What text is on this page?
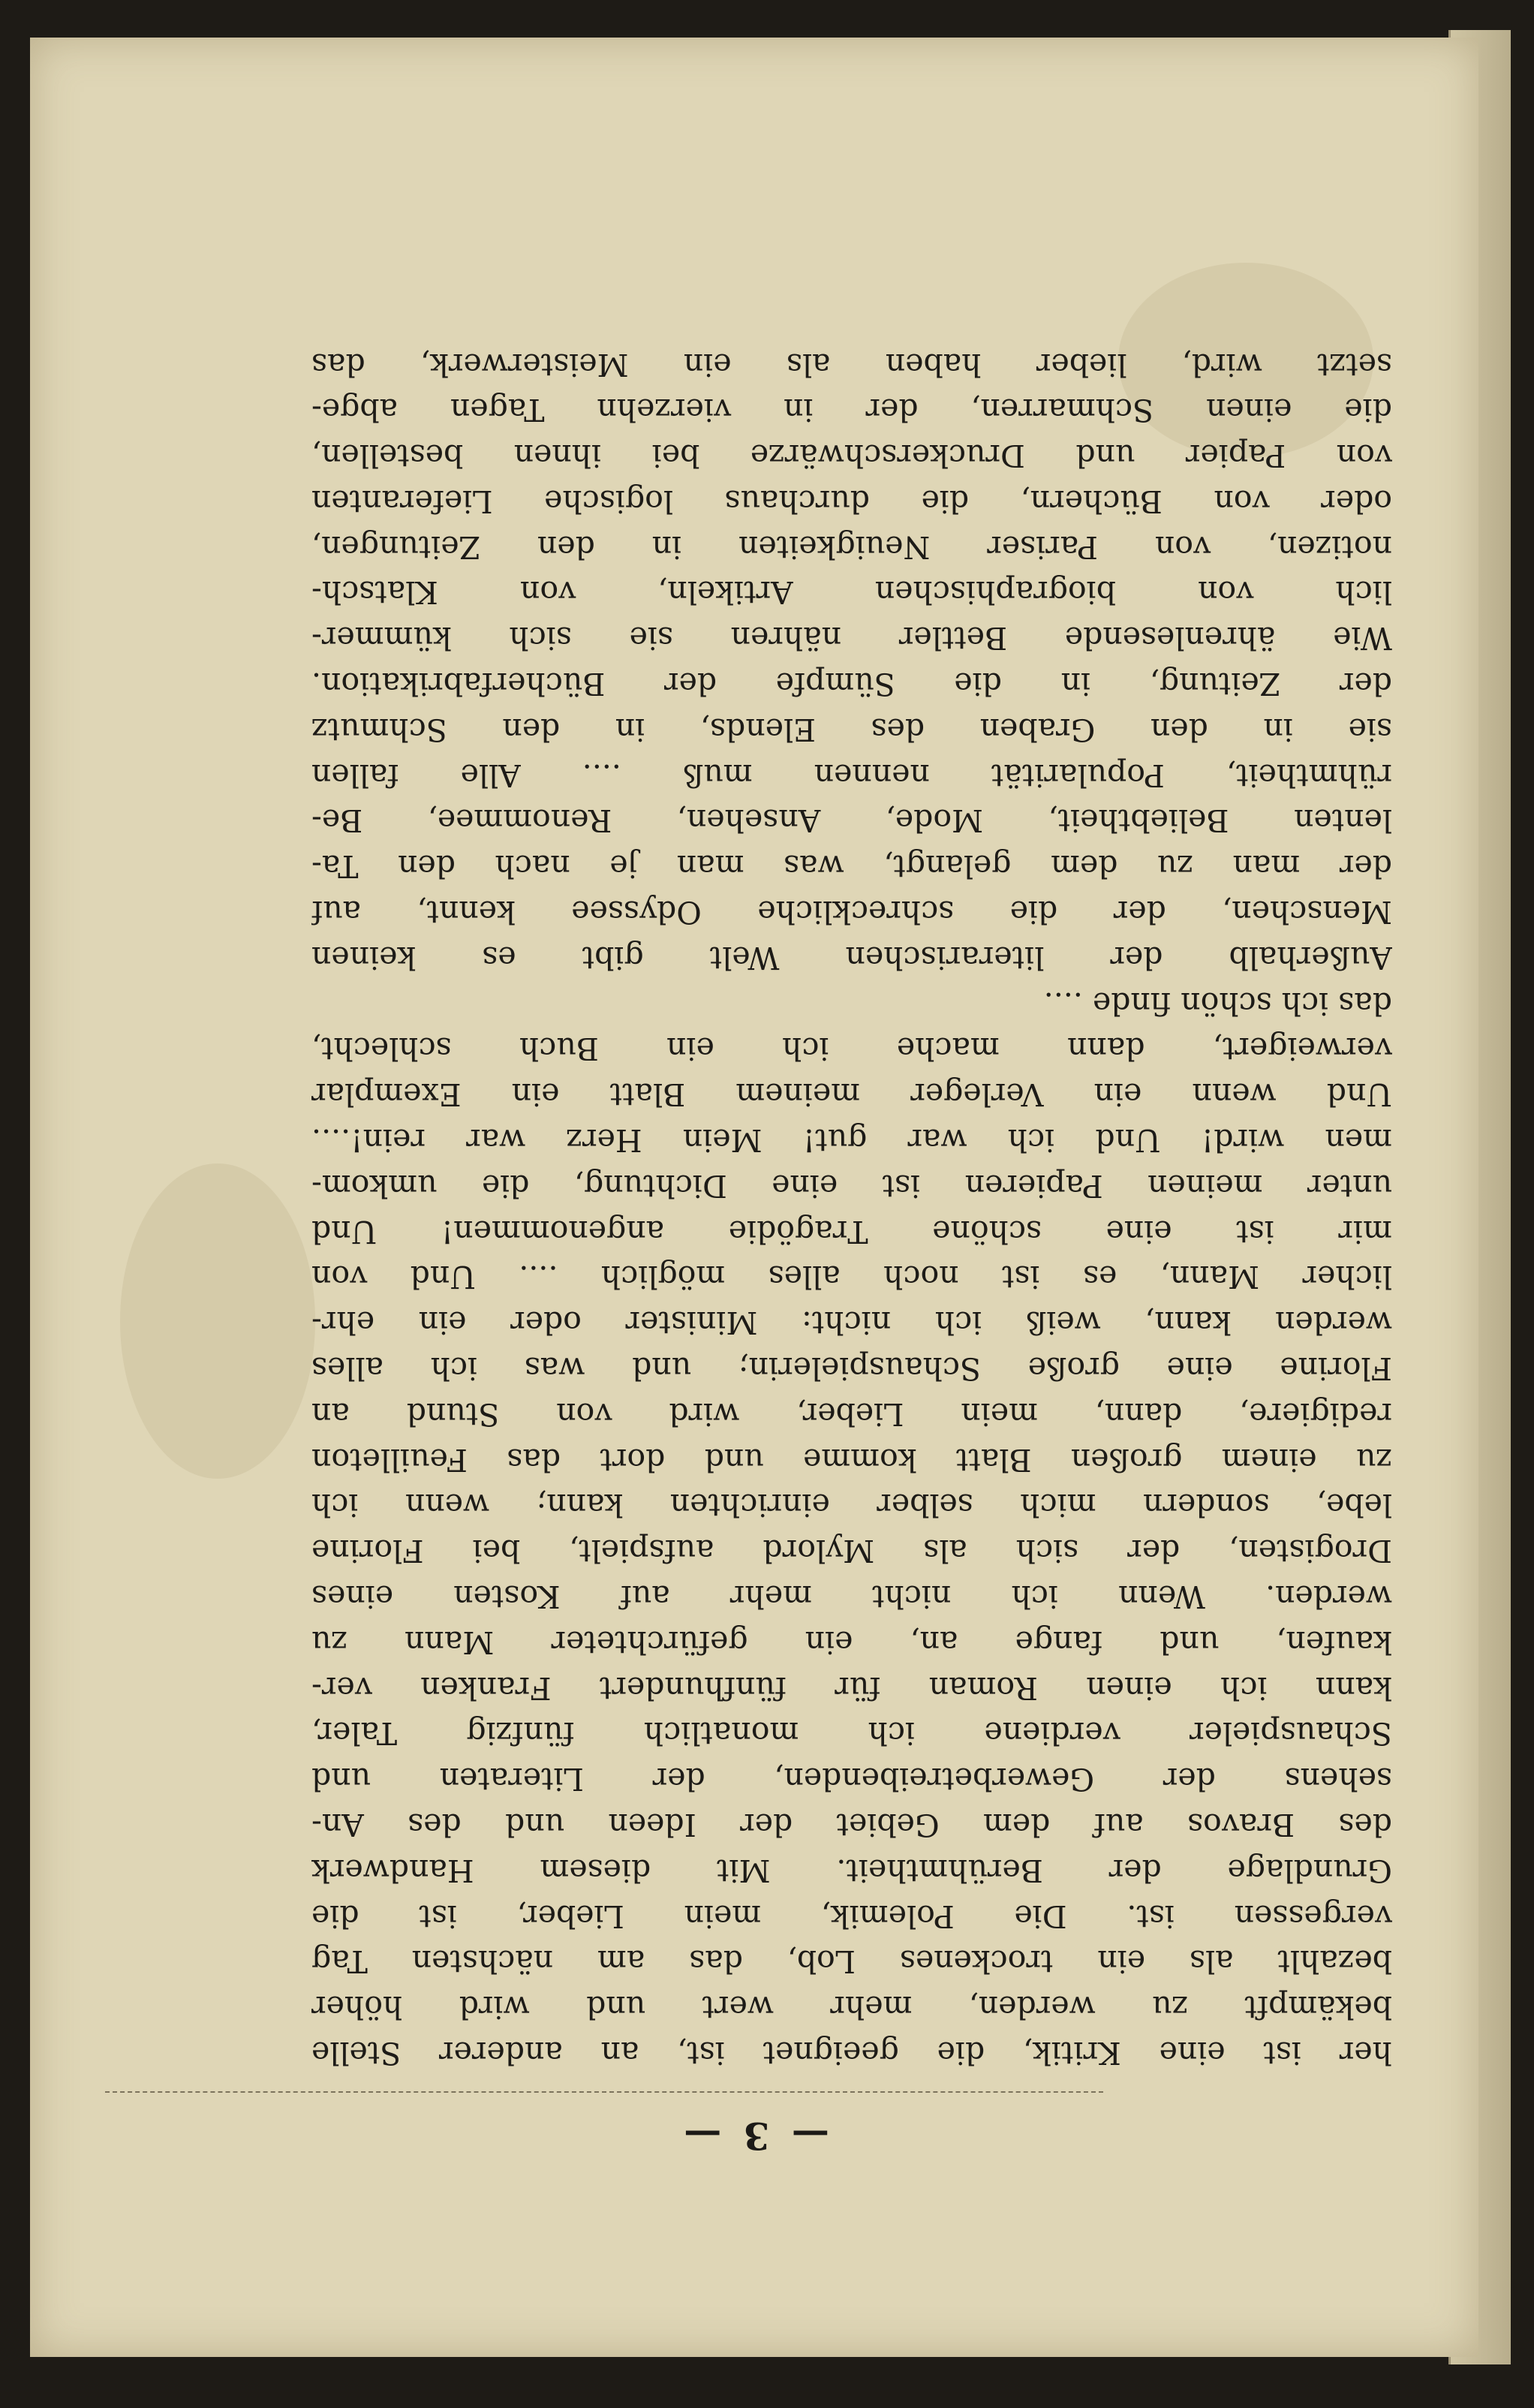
— 3 —
her ist eine Kritik, die geeignet ist, an anderer Stelle
bekämpft zu werden, mehr wert und wird höher
bezahlt als ein trockenes Lob, das am nächsten Tag
vergessen ist. Die Polemik, mein Lieber, ist die
Grundlage der Berühmtheit. Mit diesem Handwerk
des Bravos auf dem Gebiet der Ideen und des An-
sehens der Gewerbetreibenden, der Literaten und
Schauspieler verdiene ich monatlich fünfzig Taler,
kann ich einen Roman für fünfhundert Franken ver-
kaufen, und fange an, ein gefürchteter Mann zu
werden. Wenn ich nicht mehr auf Kosten eines
Drogisten, der sich als Mylord aufspielt, bei Florine
lebe, sondern mich selber einrichten kann; wenn ich
zu einem großen Blatt komme und dort das Feuilleton
redigiere, dann, mein Lieber, wird von Stund an
Florine eine große Schauspielerin; und was ich alles
werden kann, weiß ich nicht: Minister oder ein ehr-
licher Mann, es ist noch alles möglich .... Und von
mir ist eine schöne Tragödie angenommen! Und
unter meinen Papieren ist eine Dichtung, die umkom-
men wird! Und ich war gut! Mein Herz war rein!....
Und wenn ein Verleger meinem Blatt ein Exemplar
verweigert, dann mache ich ein Buch schlecht,
das ich schön finde ....
Außerhalb der literarischen Welt gibt es keinen
Menschen, der die schreckliche Odyssee kennt, auf
der man zu dem gelangt, was man je nach den Ta-
lenten Beliebtheit, Mode, Ansehen, Renommee, Be-
rühmtheit, Popularität nennen muß .... Alle fallen
sie in den Graben des Elends, in den Schmutz
der Zeitung, in die Sümpfe der Bücherfabrikation.
Wie ährenlesende Bettler nähren sie sich kümmer-
lich von biographischen Artikeln, von Klatsch-
notizen, von Pariser Neuigkeiten in den Zeitungen,
oder von Büchern, die durchaus logische Lieferanten
von Papier und Druckerschwärze bei ihnen bestellen,
die einen Schmarren, der in vierzehn Tagen abge-
setzt wird, lieber haben als ein Meisterwerk, das
